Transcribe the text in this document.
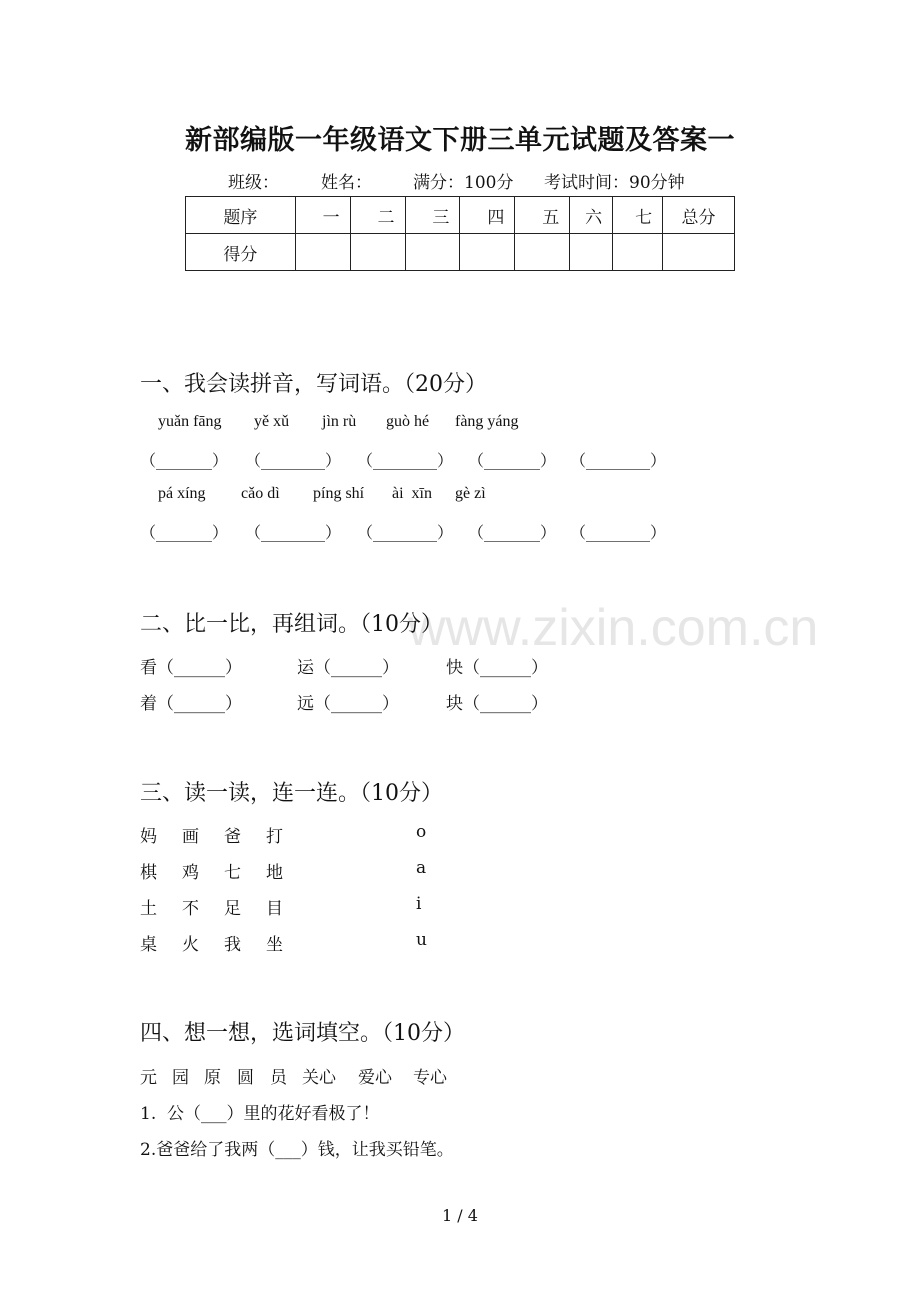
新部编版一年级语文下册三单元试题及答案一
班级： 姓名： 满分：100分 考试时间：90分钟
题序	一	二	三	四	五	六	七	总分
得分								
www.zixin.com.cn
一、我会读拼音，写词语。（20分）
yuǎn fāng yě xǔ jìn rù guò hé fàng yáng
（_______） （________） （________） （_______） （________）
pá xíng cǎo dì píng shí ài  xīn gè zì
（_______） （________） （________） （_______） （________）
二、比一比，再组词。（10分）
看（______）	运（______）	快（______）
着（______）	远（______）	块（______）
三、读一读，连一连。（10分）
妈 画 爸 打	o
棋 鸡 七 地	a
土 不 足 目	i
桌 火 我 坐	u
四、想一想，选词填空。（10分）
元 园 原 圆 员 关心 爱心 专心
1.  公（___）里的花好看极了！
2.爸爸给了我两（___）钱，让我买铅笔。
1 / 4
